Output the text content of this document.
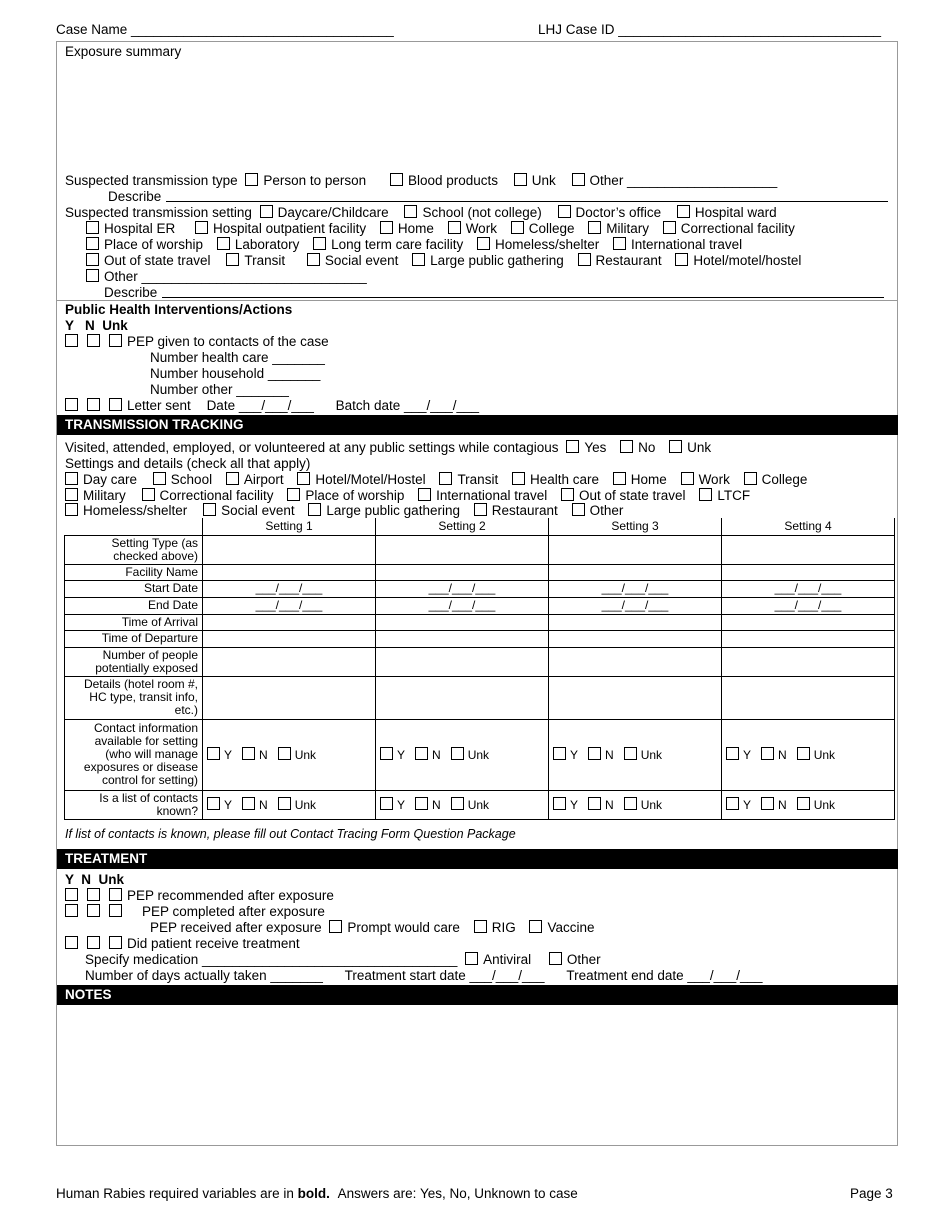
Case Name ___________________________________	LHJ Case ID ___________________________________
Exposure summary
Suspected transmission type Person to person	Blood products	Unk	Other ____________________
Describe
Suspected transmission setting Daycare/Childcare	School (not college)	Doctor’s office	Hospital ward
Hospital ER	Hospital outpatient facility Home Work College Military Correctional facility
Place of worship Laboratory Long term care facility Homeless/shelter International travel
Out of state travel	Transit	Social event Large public gathering Restaurant Hotel/motel/hostel
Other ______________________________
Describe
Public Health Interventions/Actions
Y   N  Unk
PEP given to contacts of the case
Number health care _______
Number household _______
Number other _______
Letter sent Date ___/___/___ Batch date ___/___/___
TRANSMISSION TRACKING
Visited, attended, employed, or volunteered at any public settings while contagious Yes No Unk
Settings and details (check all that apply)
Day care	School Airport Hotel/Motel/Hostel Transit Health care Home Work College
Military	Correctional facility Place of worship International travel Out of state travel LTCF
Homeless/shelter	Social event Large public gathering Restaurant Other
	Setting 1	Setting 2	Setting 3	Setting 4
Setting Type (as checked above)				
Facility Name				
Start Date	___/___/___	___/___/___	___/___/___	___/___/___
End Date	___/___/___	___/___/___	___/___/___	___/___/___
Time of Arrival				
Time of Departure				
Number of people potentially exposed				
Details (hotel room #, HC type, transit info, etc.)				
Contact information available for setting (who will manage exposures or disease control for setting)	Y N Unk	Y N Unk	Y N Unk	Y N Unk
Is a list of contacts known?	Y N Unk	Y N Unk	Y N Unk	Y N Unk
If list of contacts is known, please fill out Contact Tracing Form Question Package
TREATMENT
Y  N  Unk
PEP recommended after exposure
PEP completed after exposure
PEP received after exposure Prompt would care RIG Vaccine
Did patient receive treatment
Specify medication __________________________________ Antiviral	Other
Number of days actually taken _______ Treatment start date ___/___/___ Treatment end date ___/___/___
NOTES
Human Rabies required variables are in bold. Answers are: Yes, No, Unknown to case	Page 3
